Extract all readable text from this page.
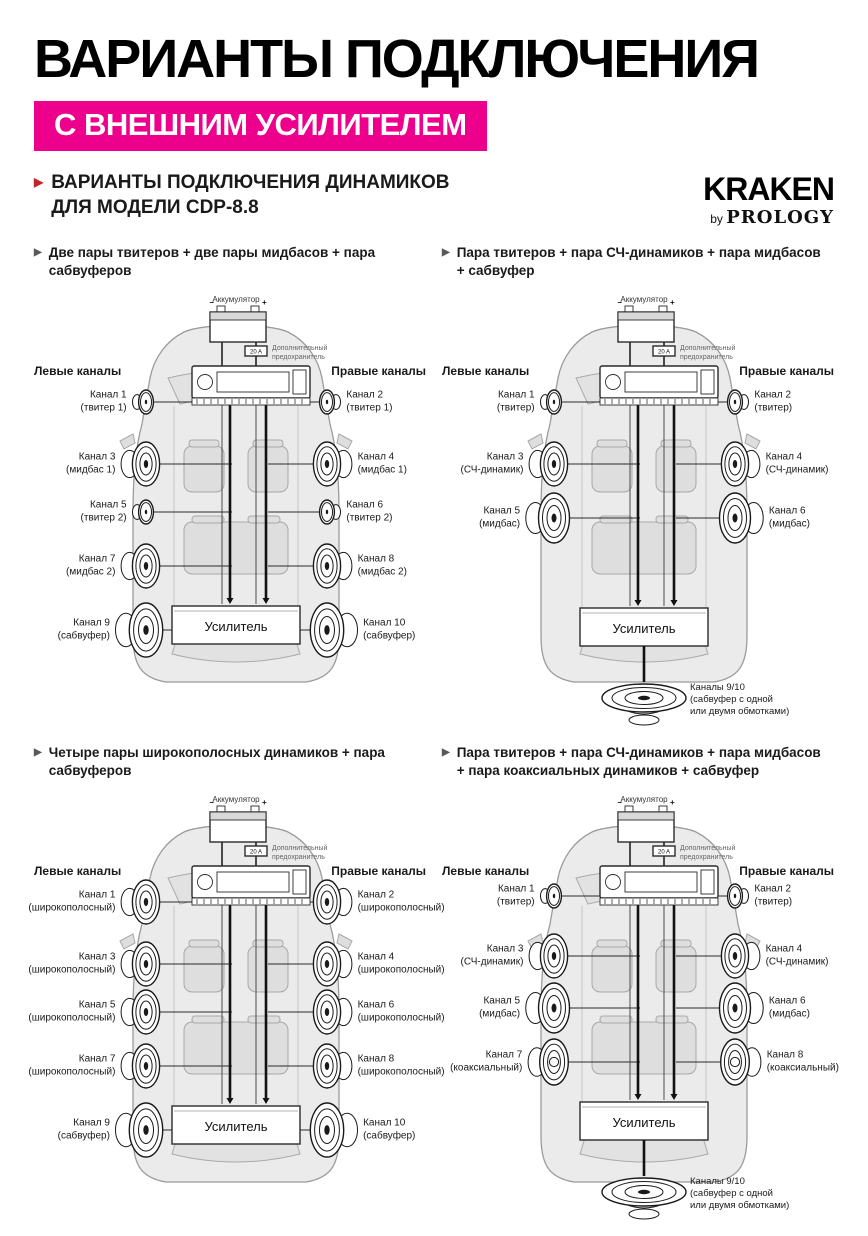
ВАРИАНТЫ ПОДКЛЮЧЕНИЯ
С ВНЕШНИМ УСИЛИТЕЛЕМ
▶ ВАРИАНТЫ ПОДКЛЮЧЕНИЯ ДИНАМИКОВ
ДЛЯ МОДЕЛИ CDP-8.8
KRAKEN
by PROLOGY
▶ Две пары твитеров + две пары мидбасов + пара сабвуферов
Аккумулятор
–	+
20 A
Дополнительный
предохранитель
Усилитель
Левые каналы	Правые каналы
Канал 1
(твитер 1)
Канал 2
(твитер 1)
Канал 3
(мидбас 1)
Канал 4
(мидбас 1)
Канал 5
(твитер 2)
Канал 6
(твитер 2)
Канал 7
(мидбас 2)
Канал 8
(мидбас 2)
Канал 9
(сабвуфер)
Канал 10
(сабвуфер)
▶ Пара твитеров + пара СЧ-динамиков + пара мидбасов + сабвуфер
Аккумулятор
–	+
20 A
Дополнительный
предохранитель
Усилитель
Каналы 9/10
(сабвуфер с одной
или двумя обмотками)
Левые каналы	Правые каналы
Канал 1
(твитер)
Канал 2
(твитер)
Канал 3
(СЧ-динамик)
Канал 4
(СЧ-динамик)
Канал 5
(мидбас)
Канал 6
(мидбас)
▶ Четыре пары широкополосных динамиков + пара сабвуферов
Аккумулятор
–	+
20 A
Дополнительный
предохранитель
Усилитель
Левые каналы	Правые каналы
Канал 1
(широкополосный)
Канал 2
(широкополосный)
Канал 3
(широкополосный)
Канал 4
(широкополосный)
Канал 5
(широкополосный)
Канал 6
(широкополосный)
Канал 7
(широкополосный)
Канал 8
(широкополосный)
Канал 9
(сабвуфер)
Канал 10
(сабвуфер)
▶ Пара твитеров + пара СЧ-динамиков + пара мидбасов + пара коаксиальных динамиков + сабвуфер
Аккумулятор
–	+
20 A
Дополнительный
предохранитель
Усилитель
Каналы 9/10
(сабвуфер с одной
или двумя обмотками)
Левые каналы	Правые каналы
Канал 1
(твитер)
Канал 2
(твитер)
Канал 3
(СЧ-динамик)
Канал 4
(СЧ-динамик)
Канал 5
(мидбас)
Канал 6
(мидбас)
Канал 7
(коаксиальный)
Канал 8
(коаксиальный)
